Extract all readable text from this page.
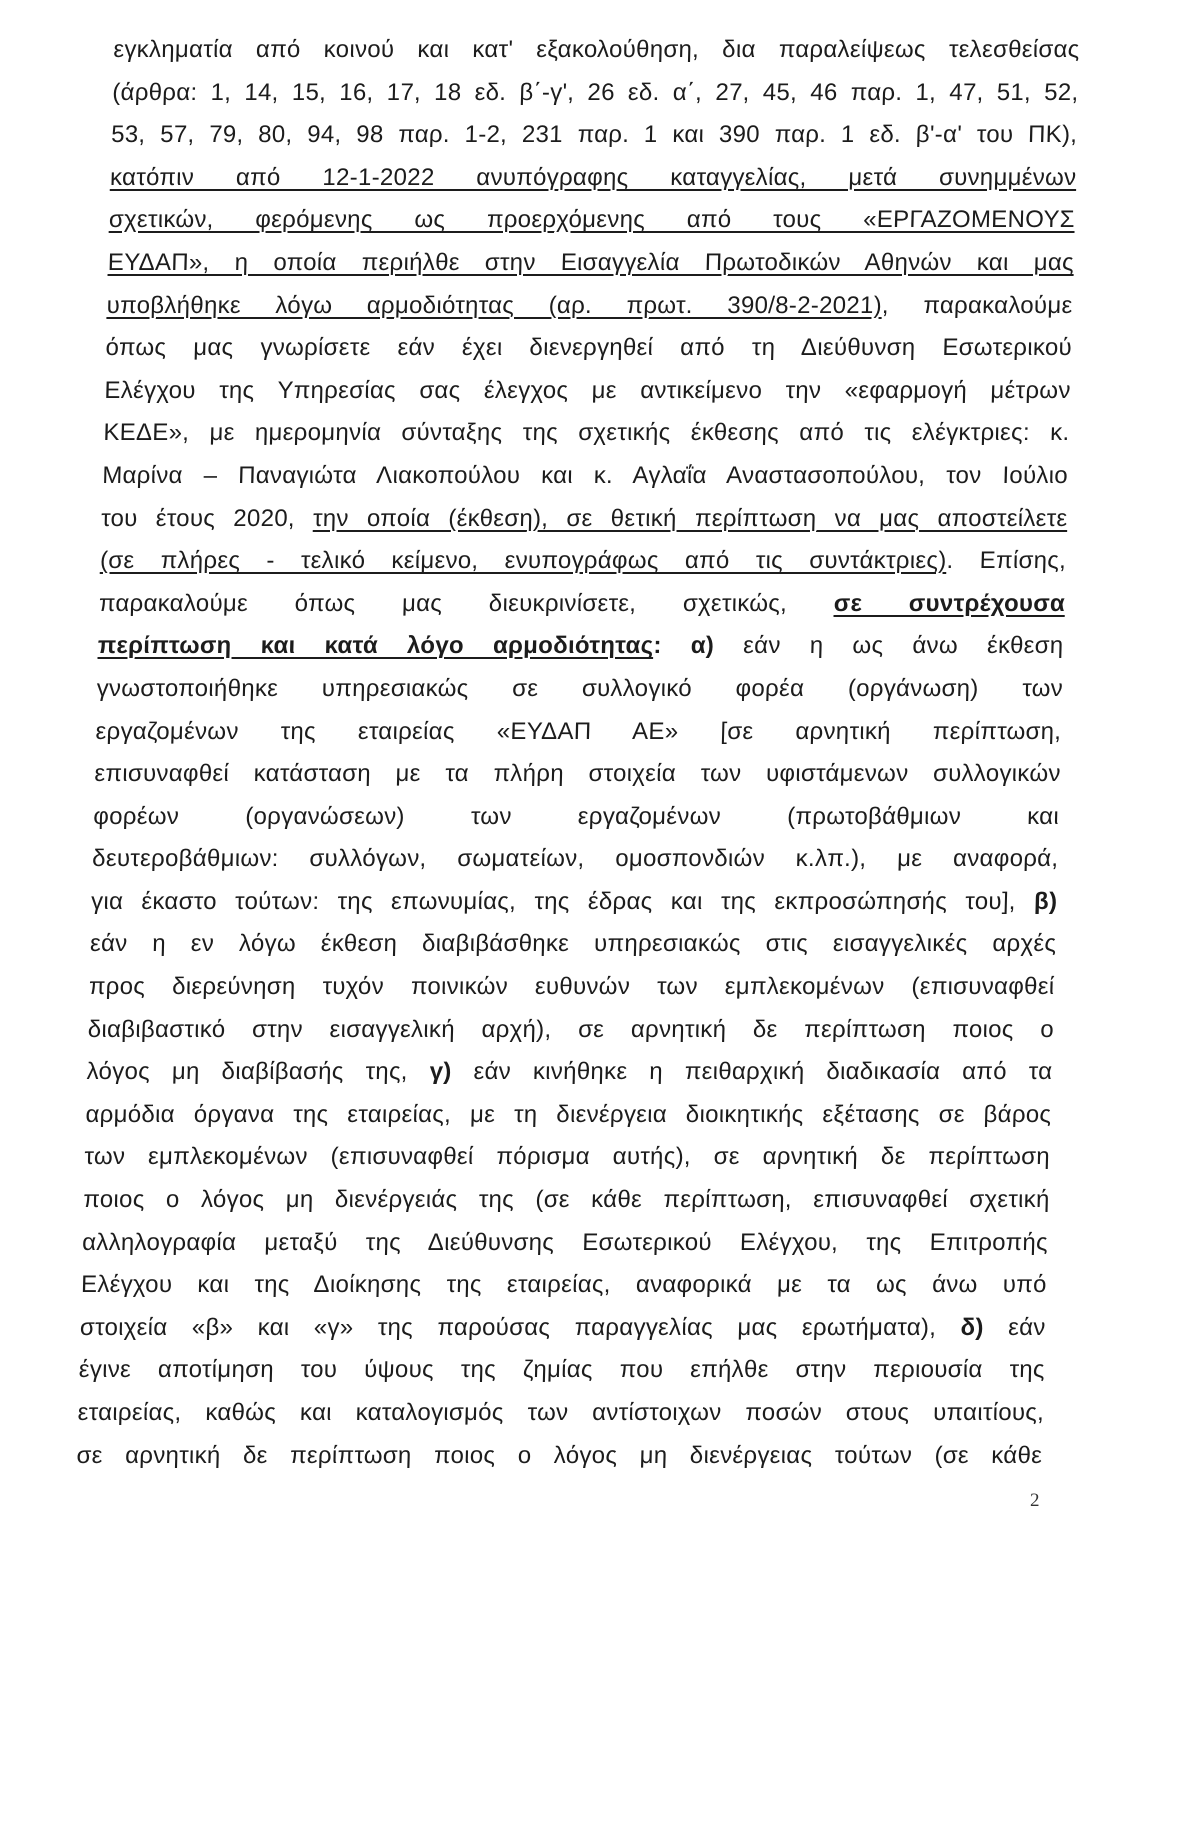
εγκληματία από κοινού και κατ' εξακολούθηση, δια παραλείψεως τελεσθείσας
(άρθρα: 1, 14, 15, 16, 17, 18 εδ. β΄-γ', 26 εδ. α΄, 27, 45, 46 παρ. 1, 47, 51, 52,
53, 57, 79, 80, 94, 98 παρ. 1-2, 231 παρ. 1 και 390 παρ. 1 εδ. β'-α' του ΠΚ),
κατόπιν από 12-1-2022 ανυπόγραφης καταγγελίας, μετά συνημμένων
σχετικών, φερόμενης ως προερχόμενης από τους «ΕΡΓΑΖΟΜΕΝΟΥΣ
ΕΥΔΑΠ», η οποία περιήλθε στην Εισαγγελία Πρωτοδικών Αθηνών και μας
υποβλήθηκε λόγω αρμοδιότητας (αρ. πρωτ. 390/8-2-2021), παρακαλούμε
όπως μας γνωρίσετε εάν έχει διενεργηθεί από τη Διεύθυνση Εσωτερικού
Ελέγχου της Υπηρεσίας σας έλεγχος με αντικείμενο την «εφαρμογή μέτρων
ΚΕΔΕ», με ημερομηνία σύνταξης της σχετικής έκθεσης από τις ελέγκτριες: κ.
Μαρίνα – Παναγιώτα Λιακοπούλου και κ. Αγλαΐα Αναστασοπούλου, τον Ιούλιο
του έτους 2020, την οποία (έκθεση), σε θετική περίπτωση να μας αποστείλετε
(σε πλήρες - τελικό κείμενο, ενυπογράφως από τις συντάκτριες). Επίσης,
παρακαλούμε όπως μας διευκρινίσετε, σχετικώς, σε συντρέχουσα
περίπτωση και κατά λόγο αρμοδιότητας: α) εάν η ως άνω έκθεση
γνωστοποιήθηκε υπηρεσιακώς σε συλλογικό φορέα (οργάνωση) των
εργαζομένων της εταιρείας «ΕΥΔΑΠ ΑΕ» [σε αρνητική περίπτωση,
επισυναφθεί κατάσταση με τα πλήρη στοιχεία των υφιστάμενων συλλογικών
φορέων (οργανώσεων) των εργαζομένων (πρωτοβάθμιων και
δευτεροβάθμιων: συλλόγων, σωματείων, ομοσπονδιών κ.λπ.), με αναφορά,
για έκαστο τούτων: της επωνυμίας, της έδρας και της εκπροσώπησής του], β)
εάν η εν λόγω έκθεση διαβιβάσθηκε υπηρεσιακώς στις εισαγγελικές αρχές
προς διερεύνηση τυχόν ποινικών ευθυνών των εμπλεκομένων (επισυναφθεί
διαβιβαστικό στην εισαγγελική αρχή), σε αρνητική δε περίπτωση ποιος ο
λόγος μη διαβίβασής της, γ) εάν κινήθηκε η πειθαρχική διαδικασία από τα
αρμόδια όργανα της εταιρείας, με τη διενέργεια διοικητικής εξέτασης σε βάρος
των εμπλεκομένων (επισυναφθεί πόρισμα αυτής), σε αρνητική δε περίπτωση
ποιος ο λόγος μη διενέργειάς της (σε κάθε περίπτωση, επισυναφθεί σχετική
αλληλογραφία μεταξύ της Διεύθυνσης Εσωτερικού Ελέγχου, της Επιτροπής
Ελέγχου και της Διοίκησης της εταιρείας, αναφορικά με τα ως άνω υπό
στοιχεία «β» και «γ» της παρούσας παραγγελίας μας ερωτήματα), δ) εάν
έγινε αποτίμηση του ύψους της ζημίας που επήλθε στην περιουσία της
εταιρείας, καθώς και καταλογισμός των αντίστοιχων ποσών στους υπαιτίους,
σε αρνητική δε περίπτωση ποιος ο λόγος μη διενέργειας τούτων (σε κάθε
2
